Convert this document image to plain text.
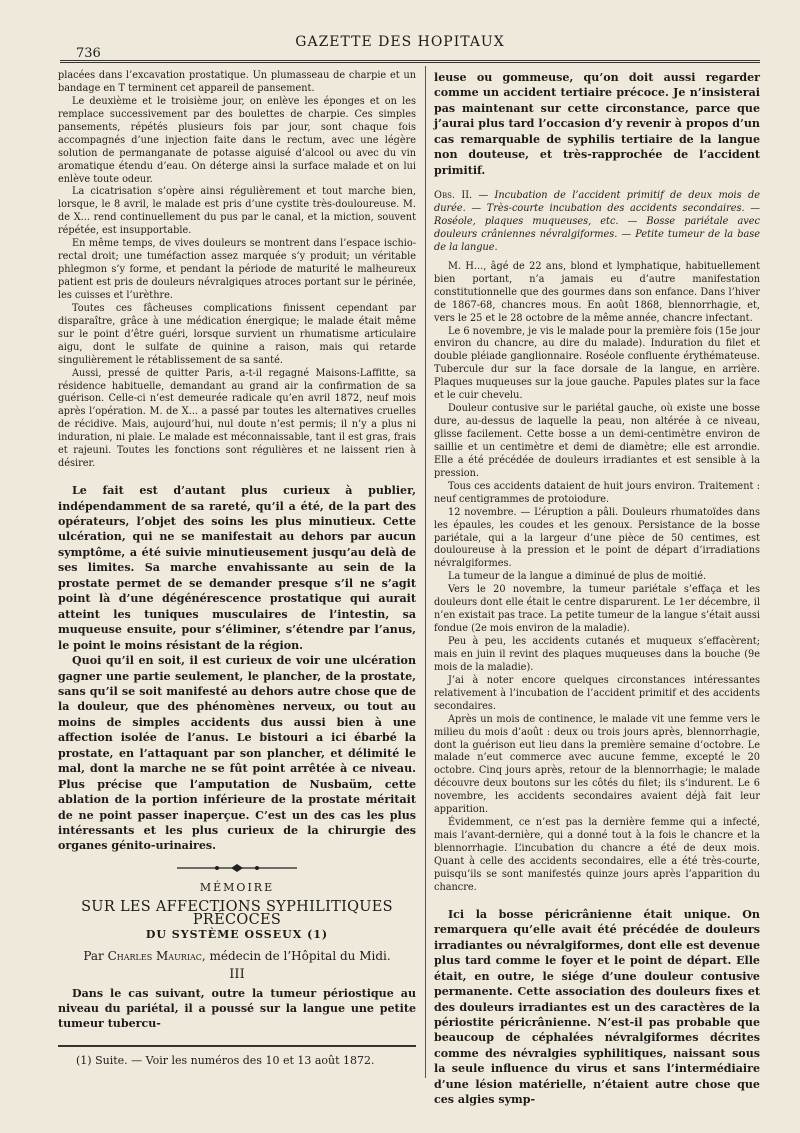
GAZETTE DES HOPITAUX
736

placées dans l’excavation prostatique. Un plumasseau de charpie et un bandage en T terminent cet appareil de pansement.

Le deuxième et le troisième jour, on enlève les éponges et on les remplace successivement par des boulettes de charpie. Ces simples pansements, répétés plusieurs fois par jour, sont chaque fois accompagnés d’une injection faite dans le rectum, avec une légère solution de permanganate de potasse aiguisé d’alcool ou avec du vin aromatique étendu d’eau. On déterge ainsi la surface malade et on lui enlève toute odeur.

La cicatrisation s’opère ainsi régulièrement et tout marche bien, lorsque, le 8 avril, le malade est pris d’une cystite très-douloureuse. M. de X... rend continuellement du pus par le canal, et la miction, souvent répétée, est insupportable.

En même temps, de vives douleurs se montrent dans l’espace ischio-rectal droit; une tuméfaction assez marquée s’y produit; un véritable phlegmon s’y forme, et pendant la période de maturité le malheureux patient est pris de douleurs névralgiques atroces portant sur le périnée, les cuisses et l’urèthre.

Toutes ces fâcheuses complications finissent cependant par disparaître, grâce à une médication énergique; le malade était même sur le point d’être guéri, lorsque survient un rhumatisme articulaire aigu, dont le sulfate de quinine a raison, mais qui retarde singulièrement le rétablissement de sa santé.

Aussi, pressé de quitter Paris, a-t-il regagné Maisons-Laffitte, sa résidence habituelle, demandant au grand air la confirmation de sa guérison. Celle-ci n’est demeurée radicale qu’en avril 1872, neuf mois après l’opération. M. de X... a passé par toutes les alternatives cruelles de récidive. Mais, aujourd’hui, nul doute n’est permis; il n’y a plus ni induration, ni plaie. Le malade est méconnaissable, tant il est gras, frais et rajeuni. Toutes les fonctions sont régulières et ne laissent rien à désirer.

Le fait est d’autant plus curieux à publier, indépendamment de sa rareté, qu’il a été, de la part des opérateurs, l’objet des soins les plus minutieux. Cette ulcération, qui ne se manifestait au dehors par aucun symptôme, a été suivie minutieusement jusqu’au delà de ses limites. Sa marche envahissante au sein de la prostate permet de se demander presque s’il ne s’agit point là d’une dégénérescence prostatique qui aurait atteint les tuniques musculaires de l’intestin, sa muqueuse ensuite, pour s’éliminer, s’étendre par l’anus, le point le moins résistant de la région.

Quoi qu’il en soit, il est curieux de voir une ulcération gagner une partie seulement, le plancher, de la prostate, sans qu’il se soit manifesté au dehors autre chose que de la douleur, que des phénomènes nerveux, ou tout au moins de simples accidents dus aussi bien à une affection isolée de l’anus. Le bistouri a ici ébarbé la prostate, en l’attaquant par son plancher, et délimité le mal, dont la marche ne se fût point arrêtée à ce niveau. Plus précise que l’amputation de Nusbaüm, cette ablation de la portion inférieure de la prostate méritait de ne point passer inaperçue. C’est un des cas les plus intéressants et les plus curieux de la chirurgie des organes génito-urinaires.

MÉMOIRE
SUR LES AFFECTIONS SYPHILITIQUES PRÉCOCES
DU SYSTÈME OSSEUX (1)
Par Charles Mauriac, médecin de l’Hôpital du Midi.
III

Dans le cas suivant, outre la tumeur périostique au niveau du pariétal, il a poussé sur la langue une petite tumeur tubercu-

(1) Suite. — Voir les numéros des 10 et 13 août 1872.

leuse ou gommeuse, qu’on doit aussi regarder comme un accident tertiaire précoce. Je n’insisterai pas maintenant sur cette circonstance, parce que j’aurai plus tard l’occasion d’y revenir à propos d’un cas remarquable de syphilis tertiaire de la langue non douteuse, et très-rapprochée de l’accident primitif.

Obs. II. — Incubation de l’accident primitif de deux mois de durée. — Très-courte incubation des accidents secondaires. — Roséole, plaques muqueuses, etc. — Bosse pariétale avec douleurs crâniennes névralgiformes. — Petite tumeur de la base de la langue.

M. H..., âgé de 22 ans, blond et lymphatique, habituellement bien portant, n’a jamais eu d’autre manifestation constitutionnelle que des gourmes dans son enfance. Dans l’hiver de 1867-68, chancres mous. En août 1868, blennorrhagie, et, vers le 25 et le 28 octobre de la même année, chancre infectant.

Le 6 novembre, je vis le malade pour la première fois (15e jour environ du chancre, au dire du malade). Induration du filet et double pléiade ganglionnaire. Roséole confluente érythémateuse. Tubercule dur sur la face dorsale de la langue, en arrière. Plaques muqueuses sur la joue gauche. Papules plates sur la face et le cuir chevelu.

Douleur contusive sur le pariétal gauche, où existe une bosse dure, au-dessus de laquelle la peau, non altérée à ce niveau, glisse facilement. Cette bosse a un demi-centimètre environ de saillie et un centimètre et demi de diamètre; elle est arrondie. Elle a été précédée de douleurs irradiantes et est sensible à la pression.

Tous ces accidents dataient de huit jours environ. Traitement : neuf centigrammes de protoiodure.

12 novembre. — L’éruption a pâli. Douleurs rhumatoïdes dans les épaules, les coudes et les genoux. Persistance de la bosse pariétale, qui a la largeur d’une pièce de 50 centimes, est douloureuse à la pression et le point de départ d’irradiations névralgiformes.

La tumeur de la langue a diminué de plus de moitié.

Vers le 20 novembre, la tumeur pariétale s’effaça et les douleurs dont elle était le centre disparurent. Le 1er décembre, il n’en existait pas trace. La petite tumeur de la langue s’était aussi fondue (2e mois environ de la maladie).

Peu à peu, les accidents cutanés et muqueux s’effacèrent; mais en juin il revint des plaques muqueuses dans la bouche (9e mois de la maladie).

J’ai à noter encore quelques circonstances intéressantes relativement à l’incubation de l’accident primitif et des accidents secondaires.

Après un mois de continence, le malade vit une femme vers le milieu du mois d’août : deux ou trois jours après, blennorrhagie, dont la guérison eut lieu dans la première semaine d’octobre. Le malade n’eut commerce avec aucune femme, excepté le 20 octobre. Cinq jours après, retour de la blennorrhagie; le malade découvre deux boutons sur les côtés du filet; ils s’indurent. Le 6 novembre, les accidents secondaires avaient déjà fait leur apparition.

Évidemment, ce n’est pas la dernière femme qui a infecté, mais l’avant-dernière, qui a donné tout à la fois le chancre et la blennorrhagie. L’incubation du chancre a été de deux mois. Quant à celle des accidents secondaires, elle a été très-courte, puisqu’ils se sont manifestés quinze jours après l’apparition du chancre.

Ici la bosse péricrânienne était unique. On remarquera qu’elle avait été précédée de douleurs irradiantes ou névralgiformes, dont elle est devenue plus tard comme le foyer et le point de départ. Elle était, en outre, le siége d’une douleur contusive permanente. Cette association des douleurs fixes et des douleurs irradiantes est un des caractères de la périostite péricrânienne. N’est-il pas probable que beaucoup de céphalées névralgiformes décrites comme des névralgies syphilitiques, naissant sous la seule influence du virus et sans l’intermédiaire d’une lésion matérielle, n’étaient autre chose que ces algies symp-
